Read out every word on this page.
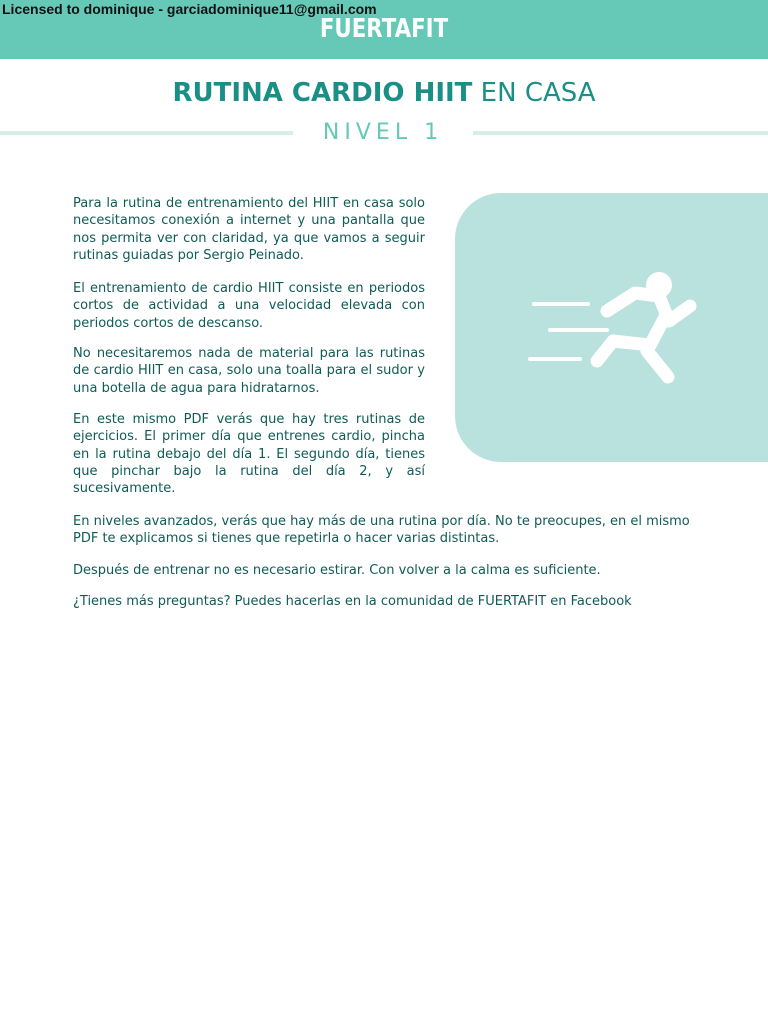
Licensed to dominique - garciadominique11@gmail.com
FUERTAFIT
RUTINA CARDIO HIIT EN CASA
NIVEL 1

Para la rutina de entrenamiento del HIIT en casa solo necesitamos conexión a internet y una pantalla que nos permita ver con claridad, ya que vamos a seguir rutinas guiadas por Sergio Peinado.

El entrenamiento de cardio HIIT consiste en periodos cortos de actividad a una velocidad elevada con periodos cortos de descanso.

No necesitaremos nada de material para las rutinas de cardio HIIT en casa, solo una toalla para el sudor y una botella de agua para hidratarnos.

En este mismo PDF verás que hay tres rutinas de ejercicios. El primer día que entrenes cardio, pincha en la rutina debajo del día 1. El segundo día, tienes que pinchar bajo la rutina del día 2, y así sucesivamente.

En niveles avanzados, verás que hay más de una rutina por día. No te preocupes, en el mismo PDF te explicamos si tienes que repetirla o hacer varias distintas.

Después de entrenar no es necesario estirar. Con volver a la calma es suficiente.

¿Tienes más preguntas? Puedes hacerlas en la comunidad de FUERTAFIT en Facebook
